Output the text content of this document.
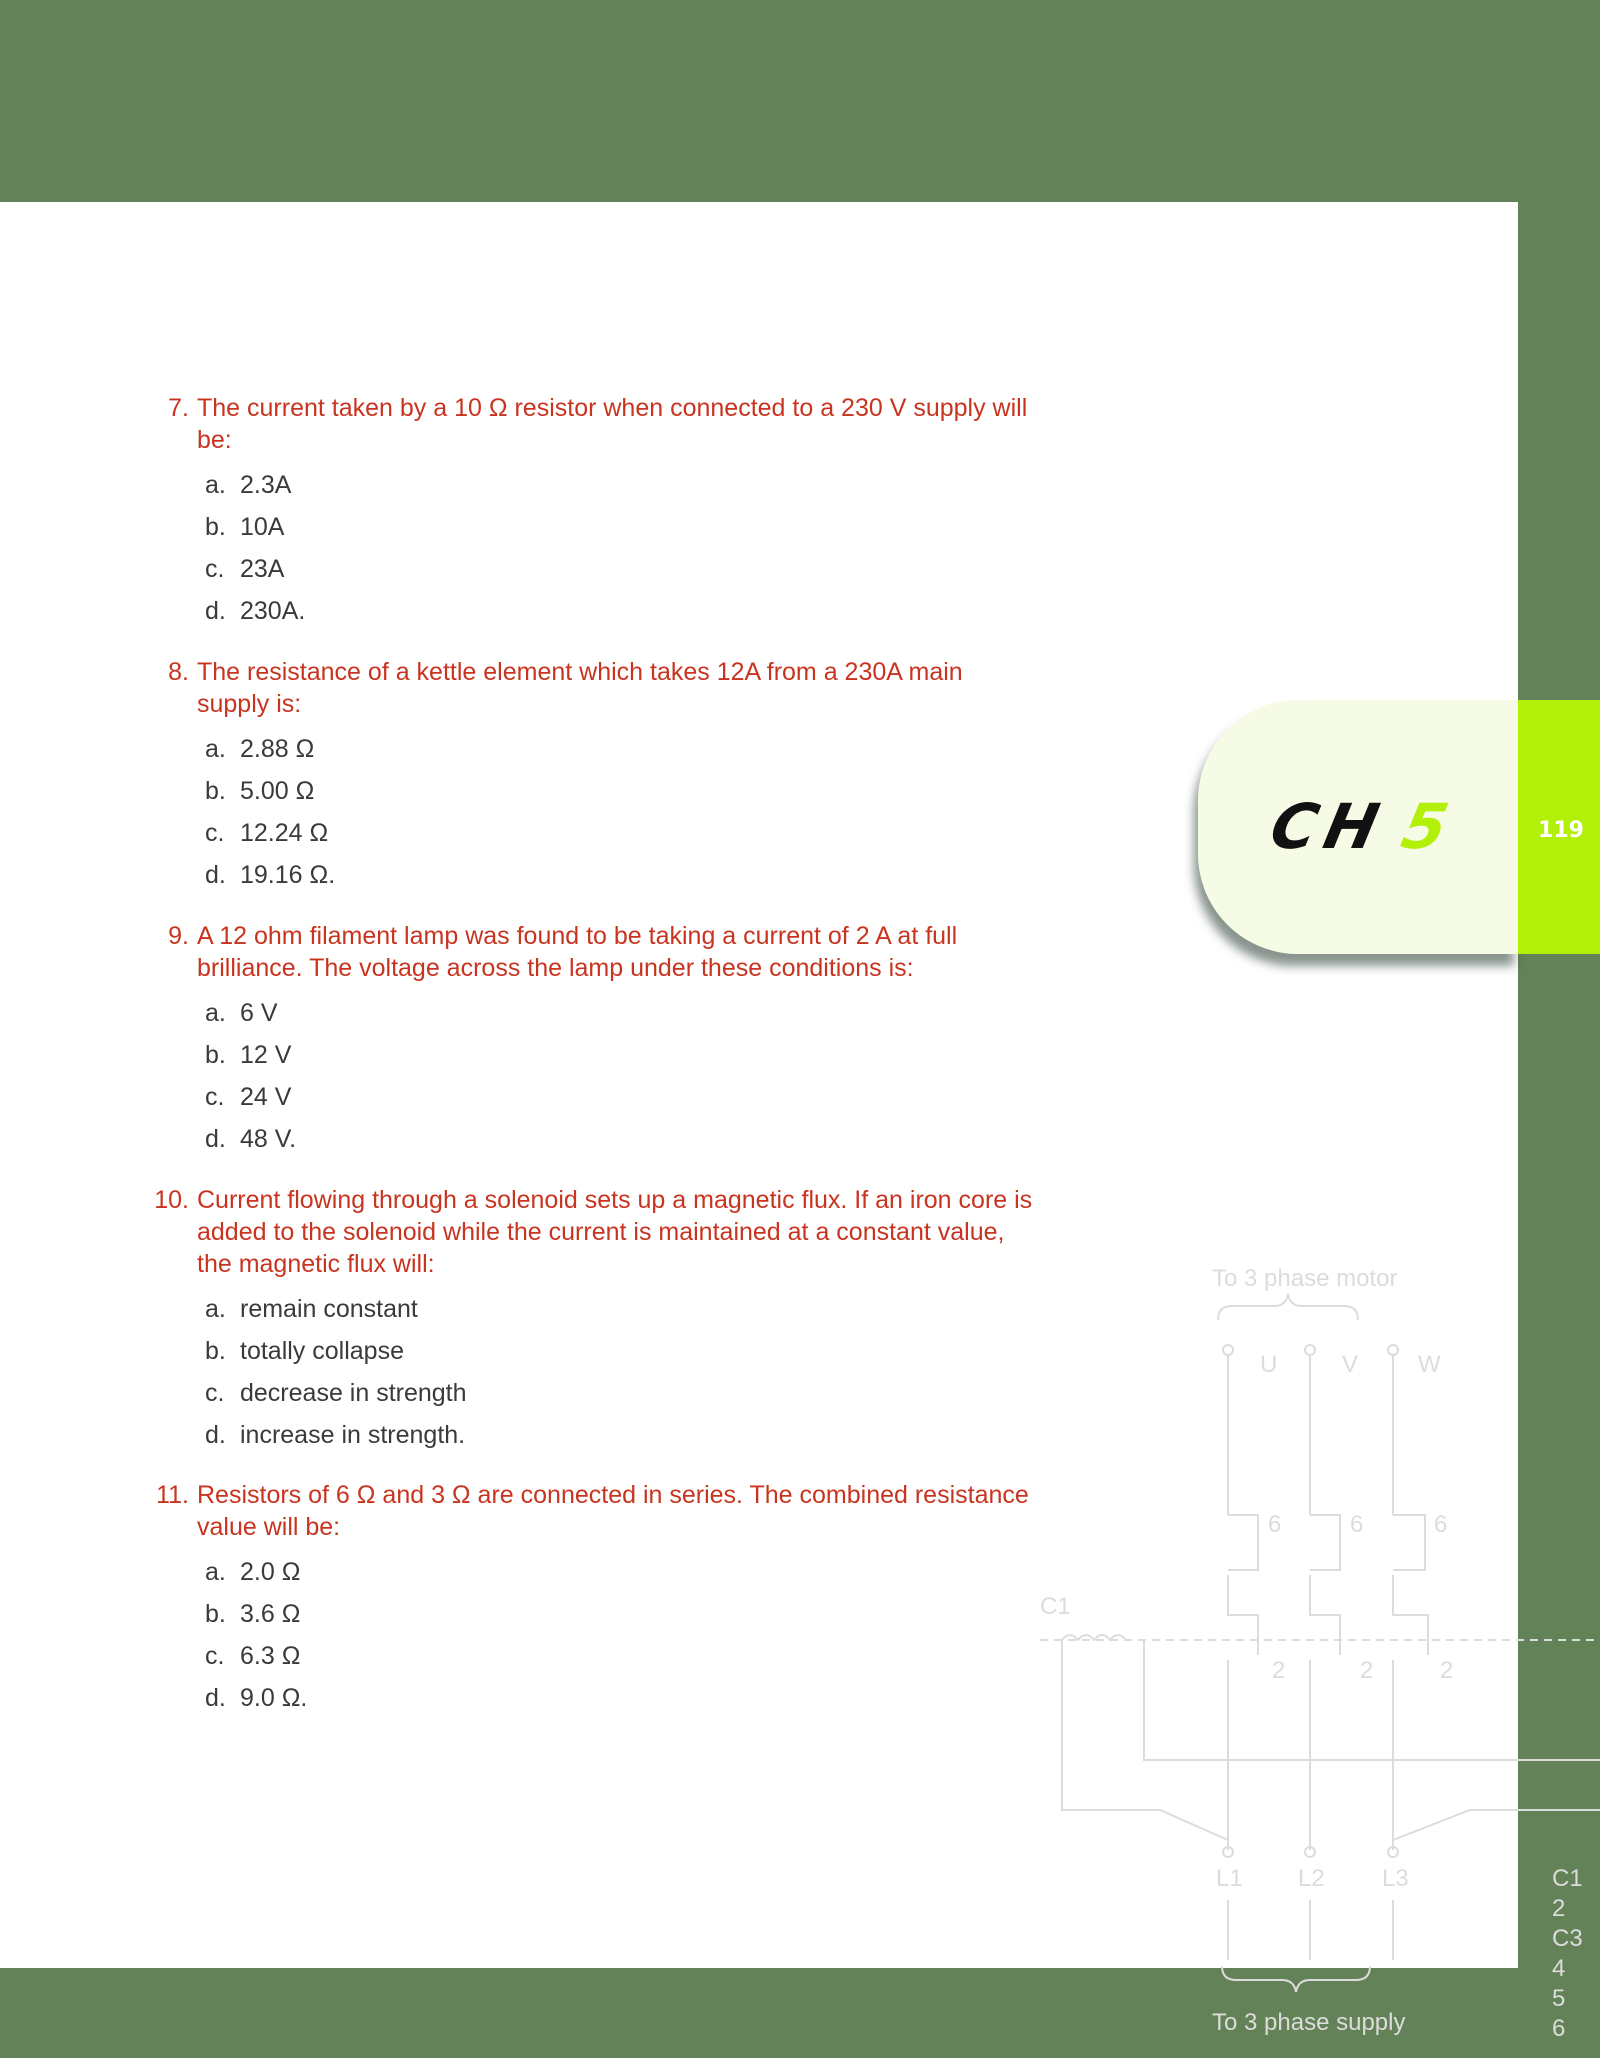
7. The current taken by a 10 Ω resistor when connected to a 230 V supply will be:
a. 2.3A
b. 10A
c. 23A
d. 230A.
8. The resistance of a kettle element which takes 12A from a 230A main supply is:
a. 2.88 Ω
b. 5.00 Ω
c. 12.24 Ω
d. 19.16 Ω.
9. A 12 ohm filament lamp was found to be taking a current of 2 A at full brilliance. The voltage across the lamp under these conditions is:
a. 6 V
b. 12 V
c. 24 V
d. 48 V.
10. Current flowing through a solenoid sets up a magnetic flux. If an iron core is added to the solenoid while the current is maintained at a constant value, the magnetic flux will:
a. remain constant
b. totally collapse
c. decrease in strength
d. increase in strength.
11. Resistors of 6 Ω and 3 Ω are connected in series. The combined resistance value will be:
a. 2.0 Ω
b. 3.6 Ω
c. 6.3 Ω
d. 9.0 Ω.
To 3 phase motor
U	V W
6	6	6
C1
2	2	2
L1 L2 L3
To 3 phase supply
C1
2
C3
4
5
6
CH5	119
